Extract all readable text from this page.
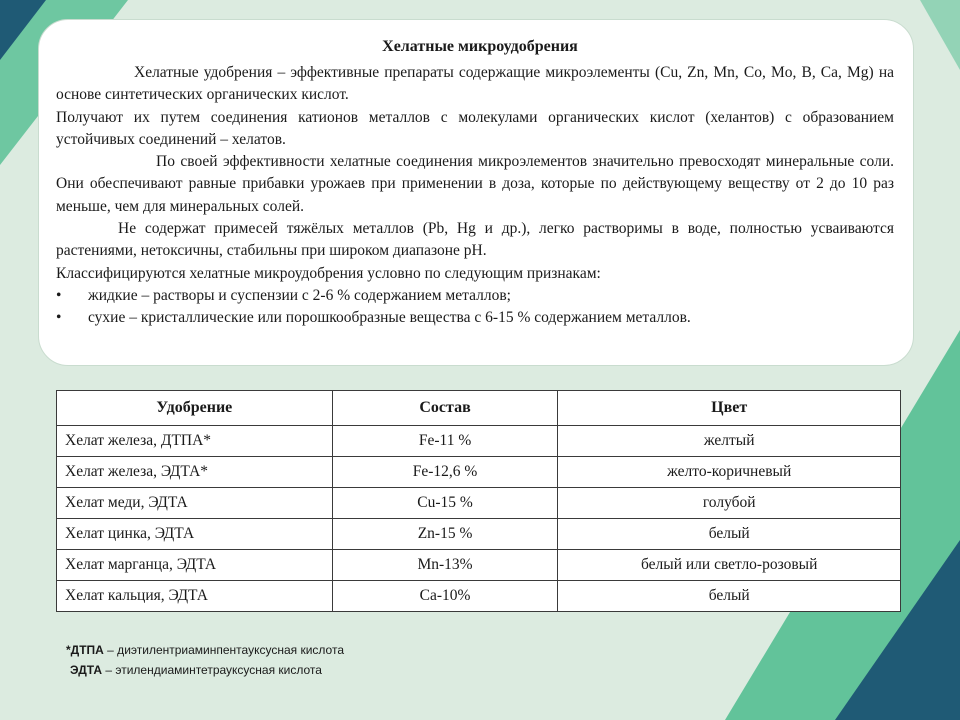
Хелатные микроудобрения

Хелатные удобрения – эффективные препараты содержащие микроэлементы (Cu, Zn, Mn, Co, Mo, B, Ca, Mg) на основе синтетических органических кислот.

Получают их путем соединения катионов металлов с молекулами органических кислот (хелантов) с образованием устойчивых соединений – хелатов.

По своей эффективности хелатные соединения микроэлементов значительно превосходят минеральные соли. Они обеспечивают равные прибавки урожаев при применении в доза, которые по действующему веществу от 2 до 10 раз меньше, чем для минеральных солей.

Не содержат примесей тяжёлых металлов (Pb, Hg и др.), легко растворимы в воде, полностью усваиваются растениями, нетоксичны, стабильны при широком диапазоне pH.

Классифицируются хелатные микроудобрения условно по следующим признакам:

• жидкие – растворы и суспензии с 2-6 % содержанием металлов;
• сухие – кристаллические или порошкообразные вещества с 6-15 % содержанием металлов.
Удобрение	Состав	Цвет
Хелат железа, ДТПА*	Fe-11 %	желтый
Хелат железа, ЭДТА*	Fe-12,6 %	желто-коричневый
Хелат меди, ЭДТА	Cu-15 %	голубой
Хелат цинка, ЭДТА	Zn-15 %	белый
Хелат марганца, ЭДТА	Mn-13%	белый или светло-розовый
Хелат кальция, ЭДТА	Ca-10%	белый
*ДТПА – диэтилентриаминпентауксусная кислота
ЭДТА – этилендиаминтетрауксусная кислота
